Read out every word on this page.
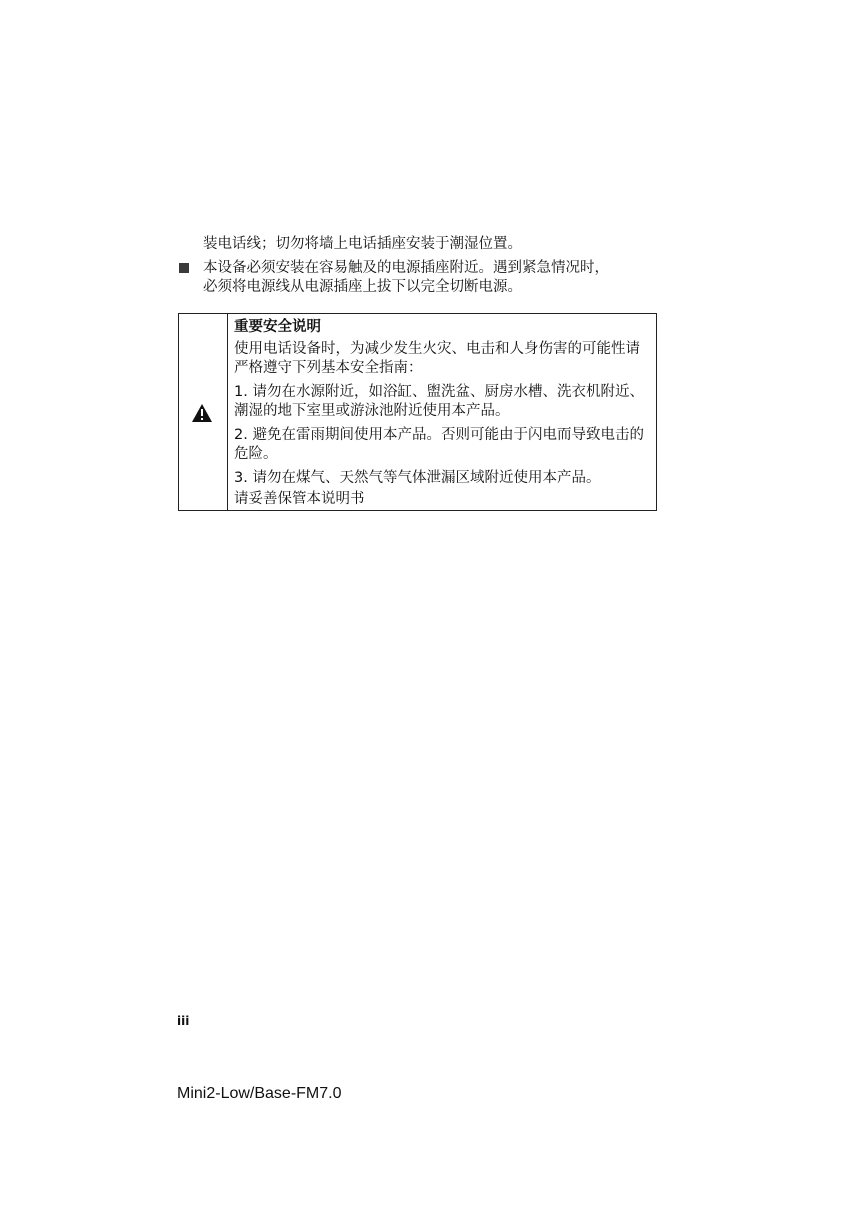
装电话线；切勿将墙上电话插座安装于潮湿位置。
本设备必须安装在容易触及的电源插座附近。遇到紧急情况时，
必须将电源线从电源插座上拔下以完全切断电源。

重要安全说明

使用电话设备时，为减少发生火灾、电击和人身伤害的可能性请严格遵守下列基本安全指南：

1. 请勿在水源附近，如浴缸、盥洗盆、厨房水槽、洗衣机附近、潮湿的地下室里或游泳池附近使用本产品。

2. 避免在雷雨期间使用本产品。否则可能由于闪电而导致电击的危险。

3. 请勿在煤气、天然气等气体泄漏区域附近使用本产品。

请妥善保管本说明书

iii
Mini2-Low/Base-FM7.0
